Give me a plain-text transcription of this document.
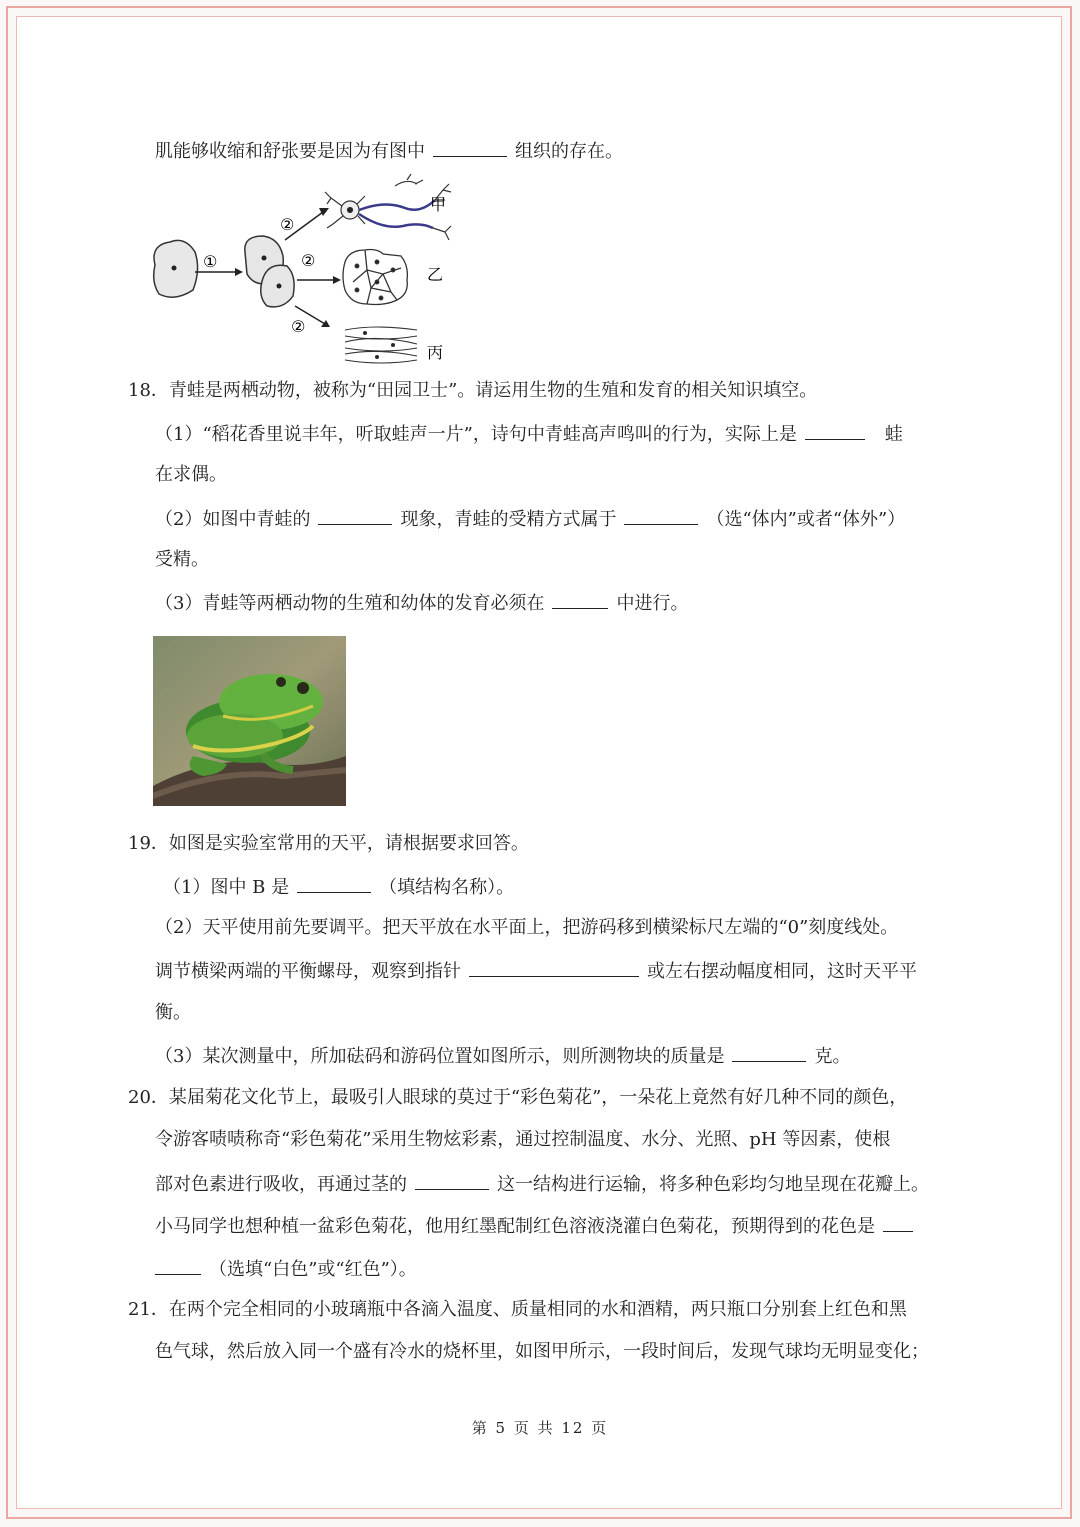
肌能够收缩和舒张要是因为有图中	组织的存在。
①
②
②
②
甲
乙
丙
18．青蛙是两栖动物，被称为“田园卫士”。请运用生物的生殖和发育的相关知识填空。
（1）“稻花香里说丰年，听取蛙声一片”，诗句中青蛙高声鸣叫的行为，实际上是	蛙
在求偶。
（2）如图中青蛙的	现象，青蛙的受精方式属于	（选“体内”或者“体外”）
受精。
（3）青蛙等两栖动物的生殖和幼体的发育必须在	中进行。
19．如图是实验室常用的天平，请根据要求回答。
（1）图中 B 是	（填结构名称）。
（2）天平使用前先要调平。把天平放在水平面上，把游码移到横梁标尺左端的“0”刻度线处。
调节横梁两端的平衡螺母，观察到指针	或左右摆动幅度相同，这时天平平
衡。
（3）某次测量中，所加砝码和游码位置如图所示，则所测物块的质量是	克。
20．某届菊花文化节上，最吸引人眼球的莫过于“彩色菊花”，一朵花上竟然有好几种不同的颜色，
令游客啧啧称奇“彩色菊花”采用生物炫彩素，通过控制温度、水分、光照、pH 等因素，使根
部对色素进行吸收，再通过茎的	这一结构进行运输，将多种色彩均匀地呈现在花瓣上。
小马同学也想种植一盆彩色菊花，他用红墨配制红色溶液浇灌白色菊花，预期得到的花色是
（选填“白色”或“红色”）。
21．在两个完全相同的小玻璃瓶中各滴入温度、质量相同的水和酒精，两只瓶口分别套上红色和黑
色气球，然后放入同一个盛有冷水的烧杯里，如图甲所示，一段时间后，发现气球均无明显变化；
第 5 页 共 12 页
